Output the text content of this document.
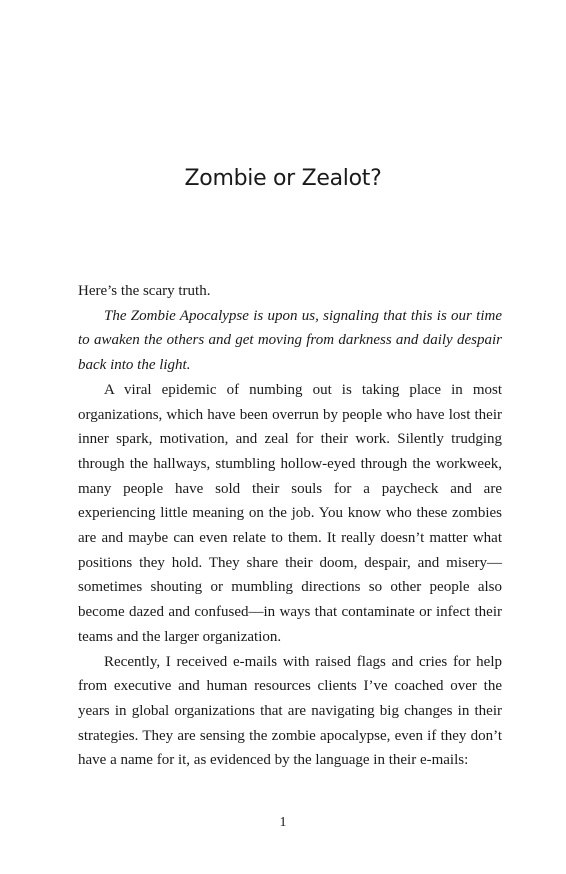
Zombie or Zealot?

Here’s the scary truth.

The Zombie Apocalypse is upon us, signaling that this is our time to awaken the others and get moving from darkness and daily despair back into the light.

A viral epidemic of numbing out is taking place in most organizations, which have been overrun by people who have lost their inner spark, motivation, and zeal for their work. Silently trudging through the hallways, stumbling hollow-eyed through the workweek, many people have sold their souls for a paycheck and are experiencing little meaning on the job. You know who these zombies are and maybe can even relate to them. It really doesn’t matter what positions they hold. They share their doom, despair, and misery—sometimes shouting or mumbling directions so other people also become dazed and confused—in ways that contaminate or infect their teams and the larger organization.

Recently, I received e-mails with raised flags and cries for help from executive and human resources clients I’ve coached over the years in global organizations that are navigating big changes in their strategies. They are sensing the zombie apocalypse, even if they don’t have a name for it, as evidenced by the language in their e-mails:

1
